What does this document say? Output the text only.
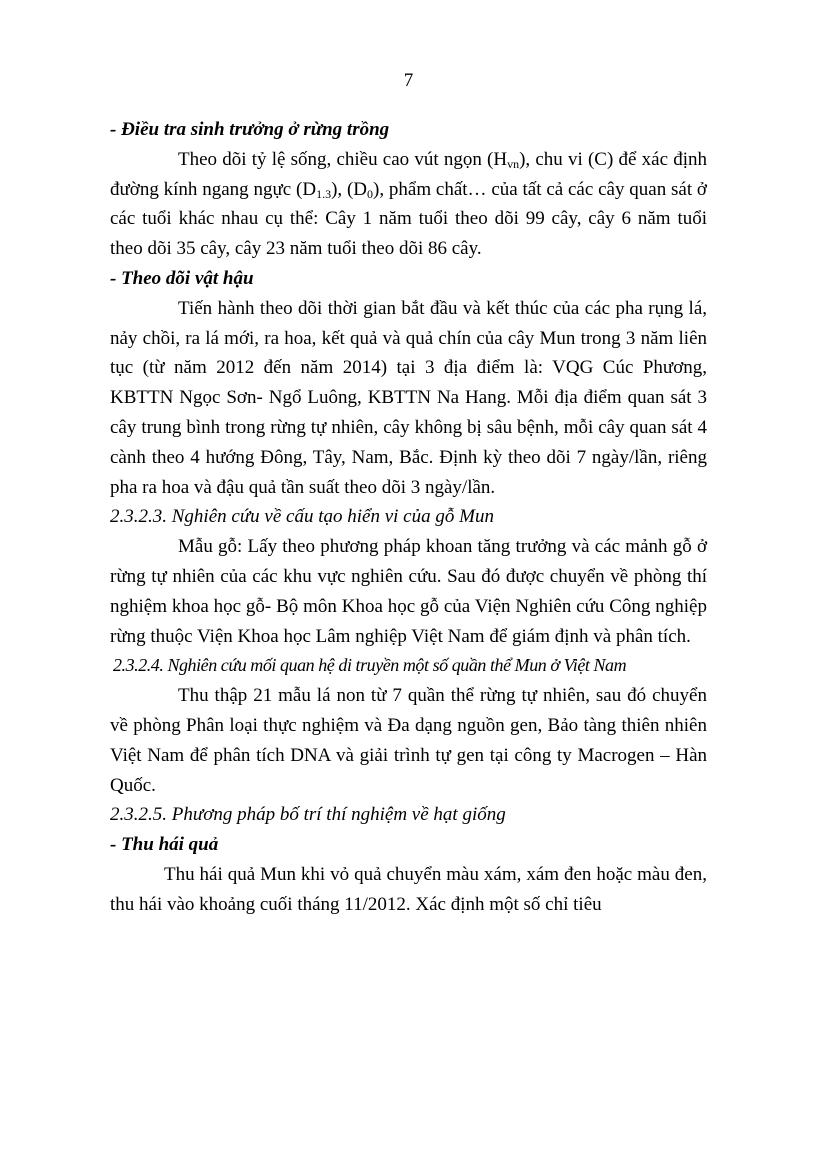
7

- Điều tra sinh trưởng ở rừng trồng

Theo dõi tỷ lệ sống, chiều cao vút ngọn $(H_{vn})$, chu vi (C) để xác định đường kính ngang ngực $(D_{1.3})$, $(D_0)$, phẩm chất… của tất cả các cây quan sát ở các tuổi khác nhau cụ thể: Cây 1 năm tuổi theo dõi 99 cây, cây 6 năm tuổi theo dõi 35 cây, cây 23 năm tuổi theo dõi 86 cây.

- Theo dõi vật hậu

Tiến hành theo dõi thời gian bắt đầu và kết thúc của các pha rụng lá, nảy chồi, ra lá mới, ra hoa, kết quả và quả chín của cây Mun trong 3 năm liên tục (từ năm 2012 đến năm 2014) tại 3 địa điểm là: VQG Cúc Phương, KBTTN Ngọc Sơn- Ngổ Luông, KBTTN Na Hang. Mỗi địa điểm quan sát 3 cây trung bình trong rừng tự nhiên, cây không bị sâu bệnh, mỗi cây quan sát 4 cành theo 4 hướng Đông, Tây, Nam, Bắc. Định kỳ theo dõi 7 ngày/lần, riêng pha ra hoa và đậu quả tần suất theo dõi 3 ngày/lần.

2.3.2.3. Nghiên cứu về cấu tạo hiển vi của gỗ Mun

Mẫu gỗ: Lấy theo phương pháp khoan tăng trưởng và các mảnh gỗ ở rừng tự nhiên của các khu vực nghiên cứu. Sau đó được chuyển về phòng thí nghiệm khoa học gỗ- Bộ môn Khoa học gỗ của Viện Nghiên cứu Công nghiệp rừng thuộc Viện Khoa học Lâm nghiệp Việt Nam để giám định và phân tích.

2.3.2.4. Nghiên cứu mối quan hệ di truyền một số quần thể Mun ở Việt Nam

Thu thập 21 mẫu lá non từ 7 quần thể rừng tự nhiên, sau đó chuyển về phòng Phân loại thực nghiệm và Đa dạng nguồn gen, Bảo tàng thiên nhiên Việt Nam để phân tích DNA và giải trình tự gen tại công ty Macrogen – Hàn Quốc.

2.3.2.5. Phương pháp bố trí thí nghiệm về hạt giống

- Thu hái quả

Thu hái quả Mun khi vỏ quả chuyển màu xám, xám đen hoặc màu đen, thu hái vào khoảng cuối tháng 11/2012. Xác định một số chỉ tiêu
